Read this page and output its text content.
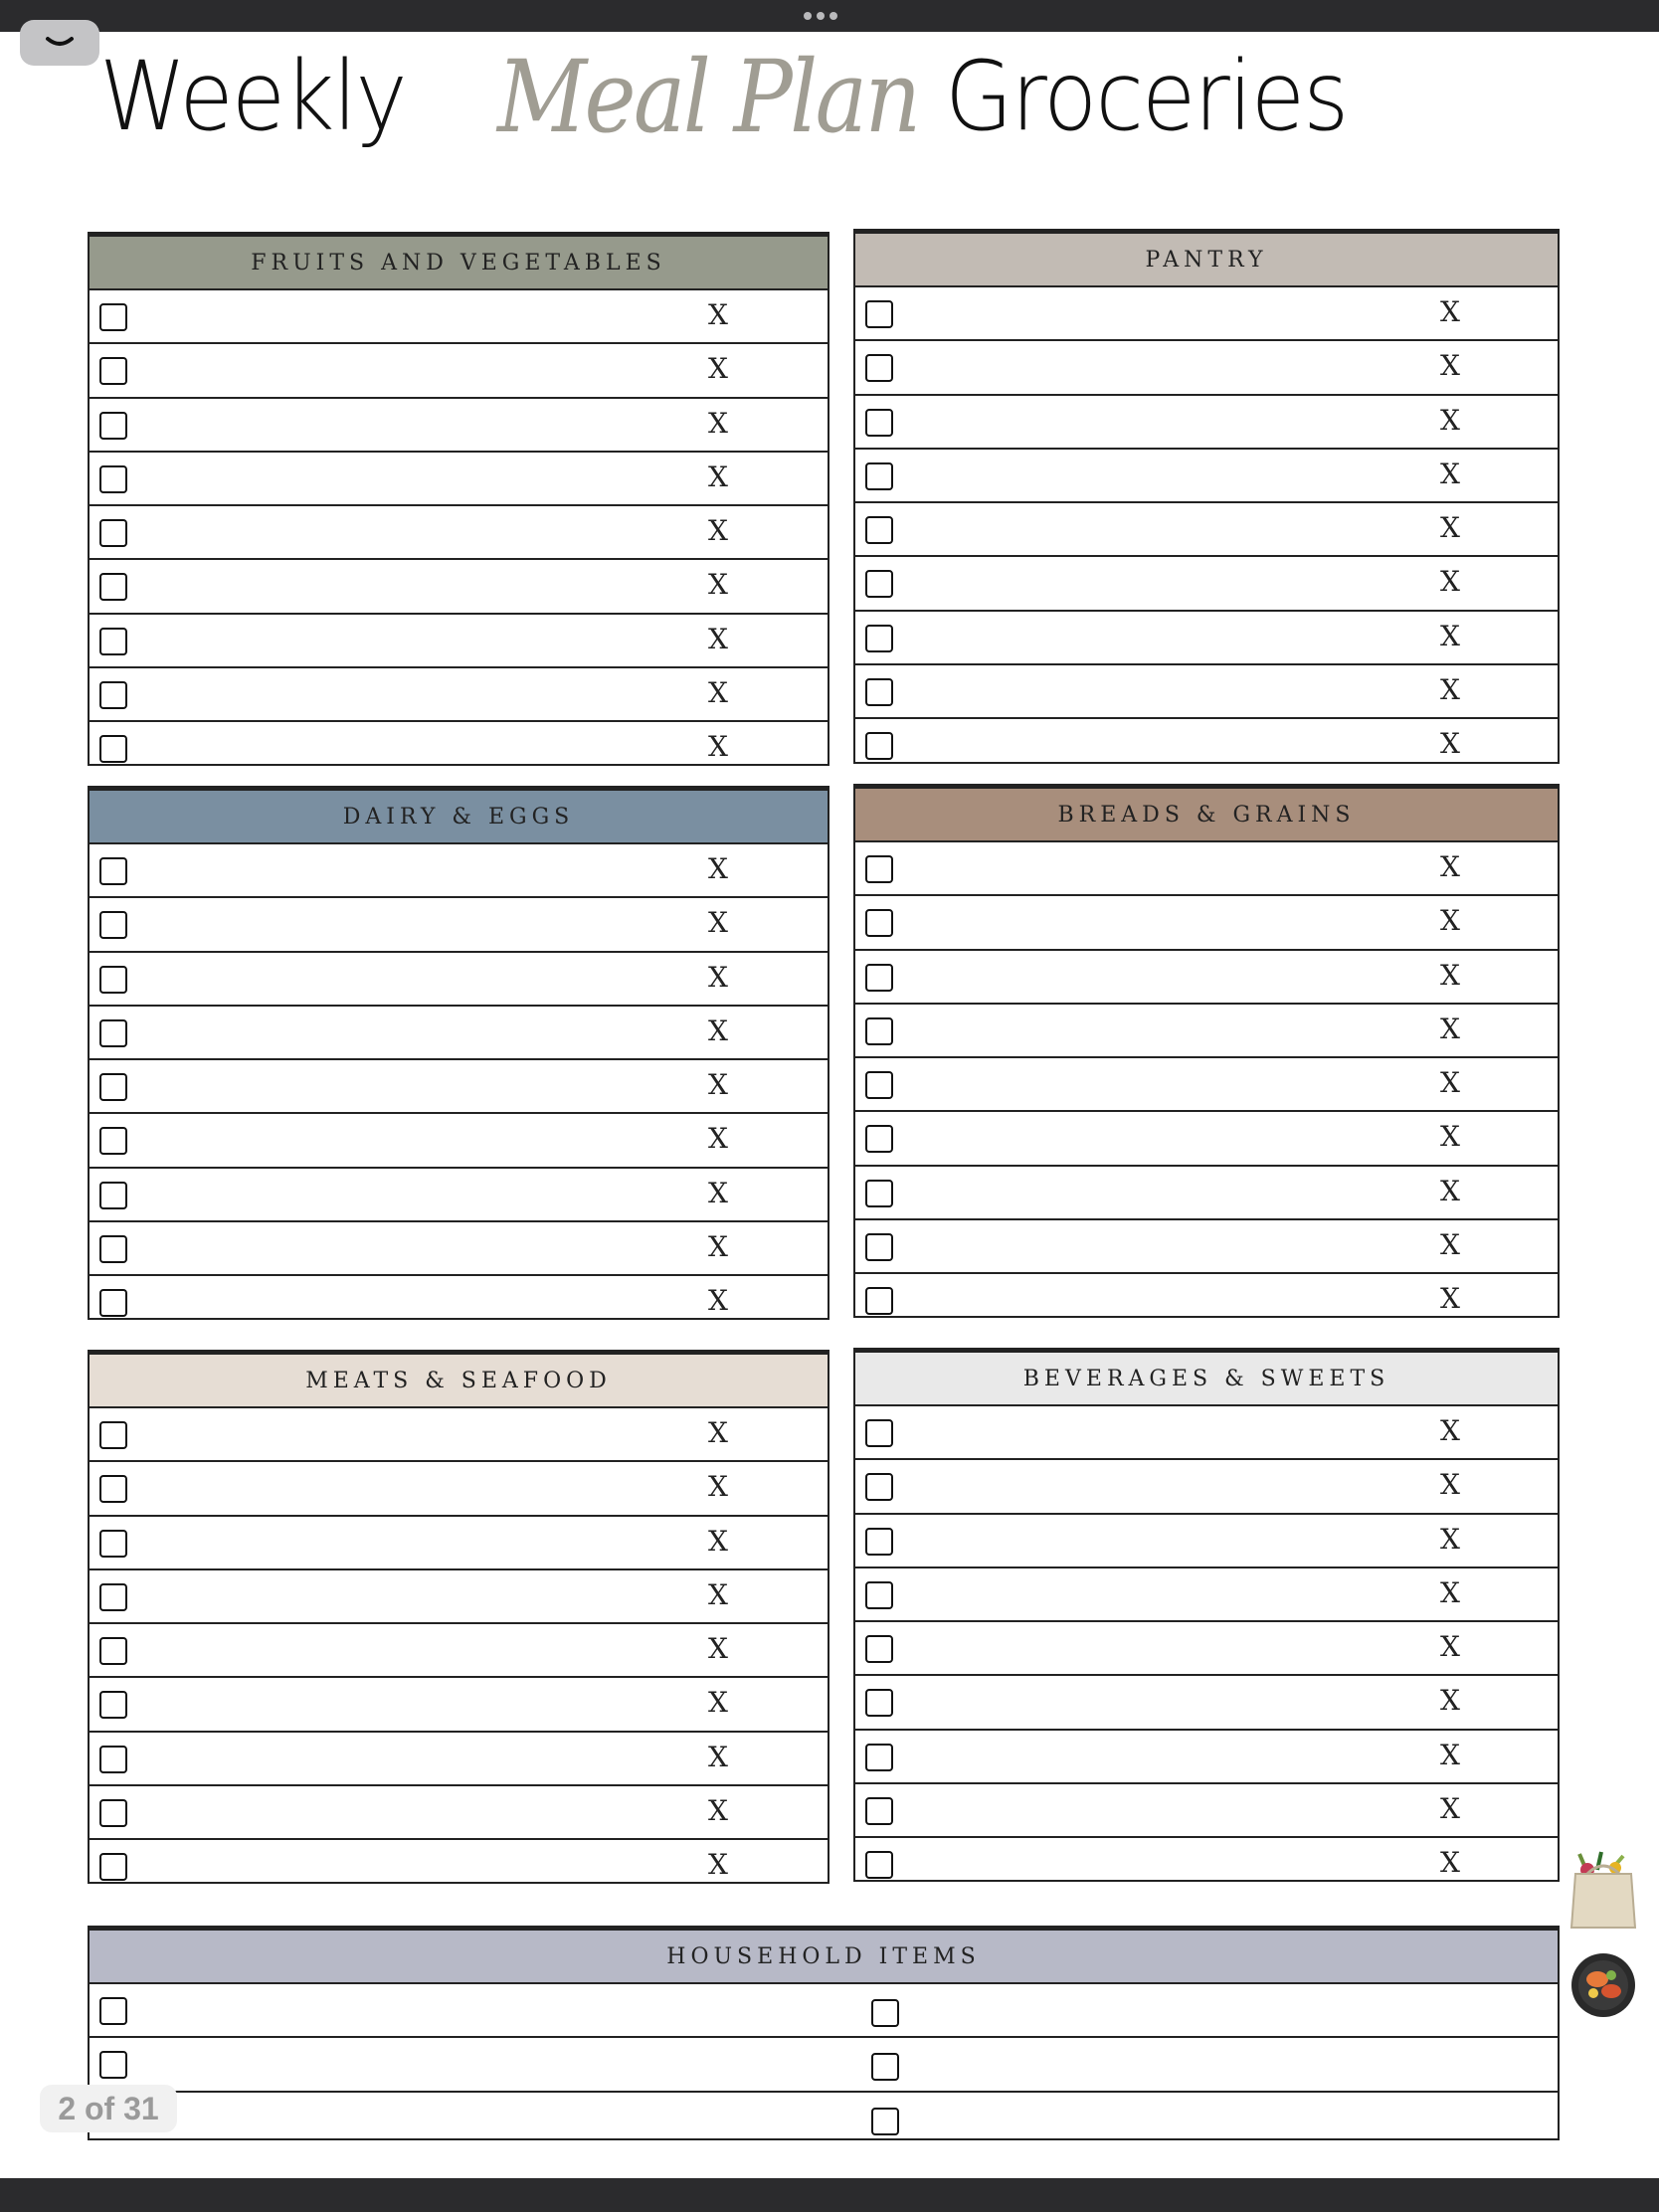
Weekly Meal Plan Groceries
FRUITS AND VEGETABLES
X
X
X
X
X
X
X
X
X
PANTRY
X
X
X
X
X
X
X
X
X
DAIRY & EGGS
X
X
X
X
X
X
X
X
X
BREADS & GRAINS
X
X
X
X
X
X
X
X
X
MEATS & SEAFOOD
X
X
X
X
X
X
X
X
X
BEVERAGES & SWEETS
X
X
X
X
X
X
X
X
X
HOUSEHOLD ITEMS
2 of 31
